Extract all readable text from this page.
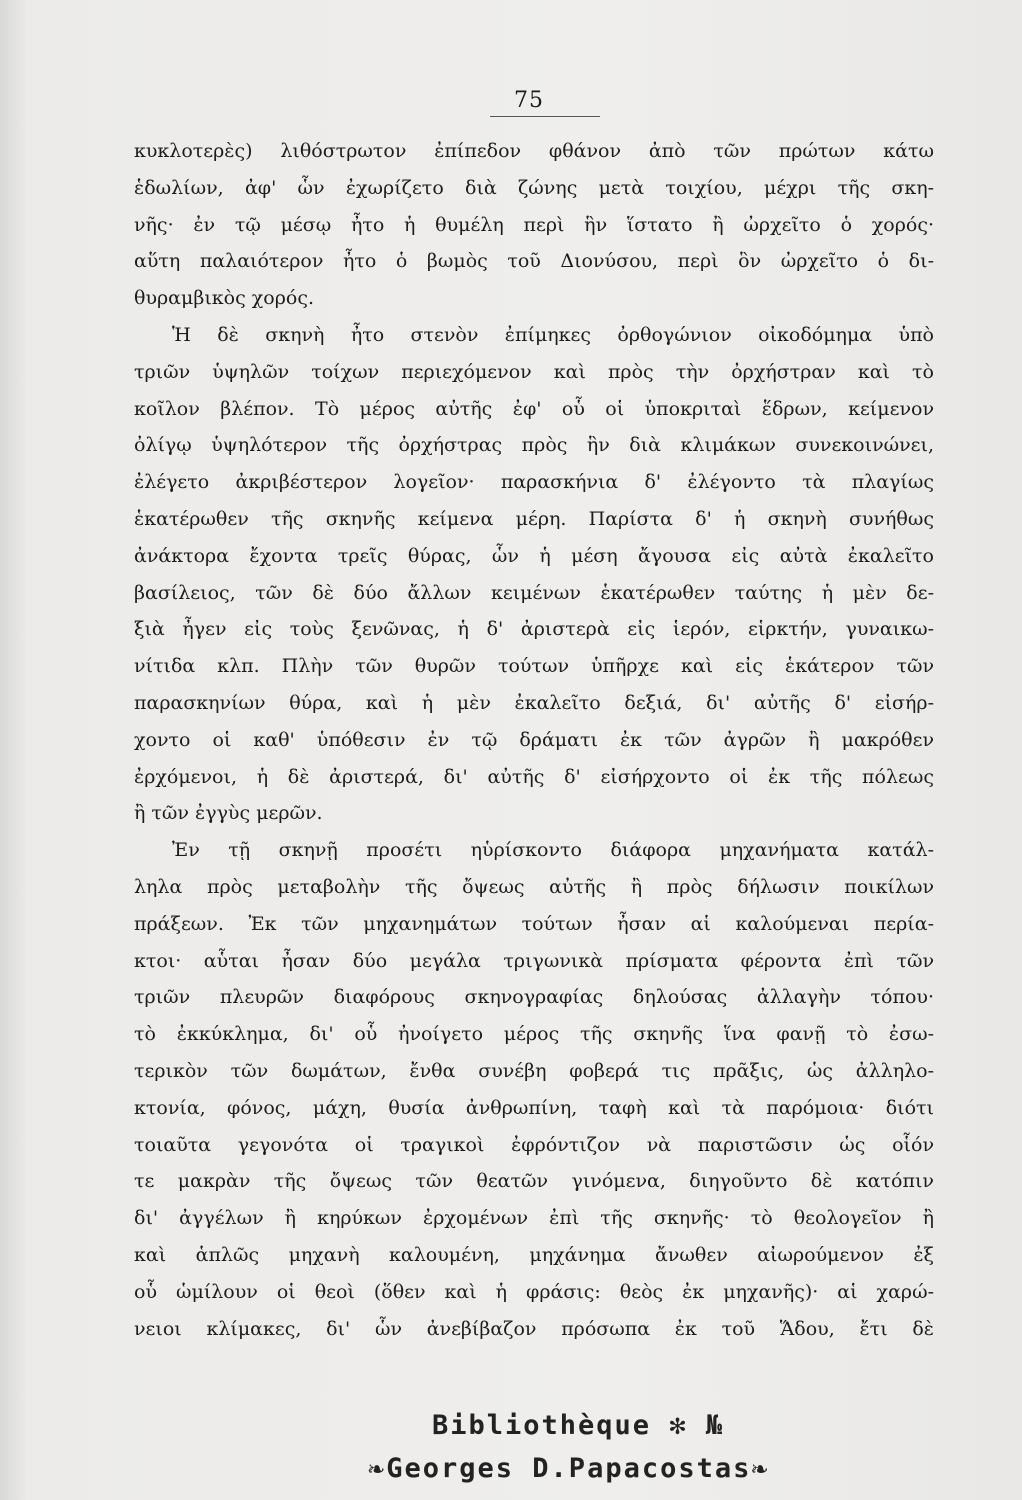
75
κυκλοτερὲς) λιθόστρωτον ἐπίπεδον φθάνον ἀπὸ τῶν πρώτων κάτω
ἑδωλίων, ἀφ' ὧν ἐχωρίζετο διὰ ζώνης μετὰ τοιχίου, μέχρι τῆς σκη-
νῆς· ἐν τῷ μέσῳ ἦτο ἡ θυμέλη περὶ ἣν ἵστατο ἢ ὠρχεῖτο ὁ χορός·
αὕτη παλαιότερον ἦτο ὁ βωμὸς τοῦ Διονύσου, περὶ ὃν ὠρχεῖτο ὁ δι-
θυραμβικὸς χορός.
Ἡ δὲ σκηνὴ ἦτο στενὸν ἐπίμηκες ὀρθογώνιον οἰκοδόμημα ὑπὸ
τριῶν ὑψηλῶν τοίχων περιεχόμενον καὶ πρὸς τὴν ὀρχήστραν καὶ τὸ
κοῖλον βλέπον. Τὸ μέρος αὐτῆς ἐφ' οὗ οἱ ὑποκριταὶ ἕδρων, κείμενον
ὀλίγῳ ὑψηλότερον τῆς ὀρχήστρας πρὸς ἣν διὰ κλιμάκων συνεκοινώνει,
ἐλέγετο ἀκριβέστερον λογεῖον· παρασκήνια δ' ἐλέγοντο τὰ πλαγίως
ἑκατέρωθεν τῆς σκηνῆς κείμενα μέρη. Παρίστα δ' ἡ σκηνὴ συνήθως
ἀνάκτορα ἔχοντα τρεῖς θύρας, ὧν ἡ μέση ἄγουσα εἰς αὐτὰ ἐκαλεῖτο
βασίλειος, τῶν δὲ δύο ἄλλων κειμένων ἑκατέρωθεν ταύτης ἡ μὲν δε-
ξιὰ ἦγεν εἰς τοὺς ξενῶνας, ἡ δ' ἀριστερὰ εἰς ἱερόν, εἱρκτήν, γυναικω-
νίτιδα κλπ. Πλὴν τῶν θυρῶν τούτων ὑπῆρχε καὶ εἰς ἑκάτερον τῶν
παρασκηνίων θύρα, καὶ ἡ μὲν ἐκαλεῖτο δεξιά, δι' αὐτῆς δ' εἰσήρ-
χοντο οἱ καθ' ὑπόθεσιν ἐν τῷ δράματι ἐκ τῶν ἀγρῶν ἢ μακρόθεν
ἐρχόμενοι, ἡ δὲ ἀριστερά, δι' αὐτῆς δ' εἰσήρχοντο οἱ ἐκ τῆς πόλεως
ἢ τῶν ἐγγὺς μερῶν.
Ἐν τῇ σκηνῇ προσέτι ηὑρίσκοντο διάφορα μηχανήματα κατάλ-
ληλα πρὸς μεταβολὴν τῆς ὄψεως αὐτῆς ἢ πρὸς δήλωσιν ποικίλων
πράξεων. Ἐκ τῶν μηχανημάτων τούτων ἦσαν αἱ καλούμεναι περία-
κτοι· αὗται ἦσαν δύο μεγάλα τριγωνικὰ πρίσματα φέροντα ἐπὶ τῶν
τριῶν πλευρῶν διαφόρους σκηνογραφίας δηλούσας ἀλλαγὴν τόπου·
τὸ ἐκκύκλημα, δι' οὗ ἠνοίγετο μέρος τῆς σκηνῆς ἵνα φανῇ τὸ ἐσω-
τερικὸν τῶν δωμάτων, ἔνθα συνέβη φοβερά τις πρᾶξις, ὡς ἀλληλο-
κτονία, φόνος, μάχη, θυσία ἀνθρωπίνη, ταφὴ καὶ τὰ παρόμοια· διότι
τοιαῦτα γεγονότα οἱ τραγικοὶ ἐφρόντιζον νὰ παριστῶσιν ὡς οἷόν
τε μακρὰν τῆς ὄψεως τῶν θεατῶν γινόμενα, διηγοῦντο δὲ κατόπιν
δι' ἀγγέλων ἢ κηρύκων ἐρχομένων ἐπὶ τῆς σκηνῆς· τὸ θεολογεῖον ἢ
καὶ ἁπλῶς μηχανὴ καλουμένη, μηχάνημα ἄνωθεν αἰωρούμενον ἐξ
οὗ ὡμίλουν οἱ θεοὶ (ὅθεν καὶ ἡ φράσις: θεὸς ἐκ μηχανῆς)· αἱ χαρώ-
νειοι κλίμακες, δι' ὧν ἀνεβίβαζον πρόσωπα ἐκ τοῦ Ἅδου, ἔτι δὲ
Bibliothèque ✻ №
❧Georges D.Papacostas❧
